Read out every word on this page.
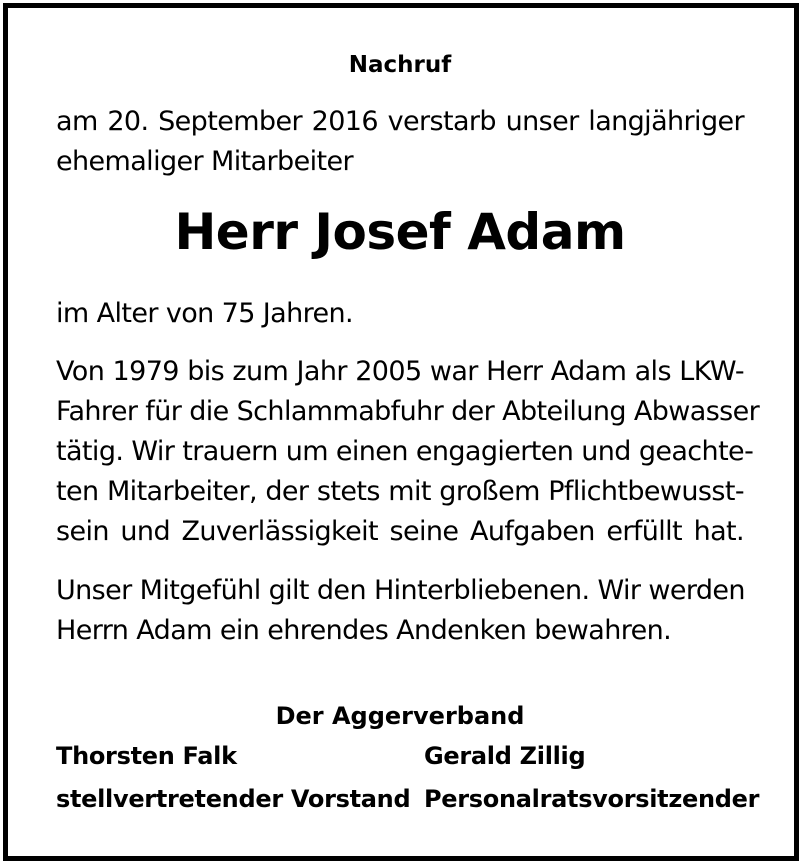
Nachruf

am 20. September 2016 verstarb unser langjähriger

ehemaliger Mitarbeiter

Herr Josef Adam

im Alter von 75 Jahren.

Von 1979 bis zum Jahr 2005 war Herr Adam als LKW-

Fahrer für die Schlammabfuhr der Abteilung Abwasser

tätig. Wir trauern um einen engagierten und geachte-

ten Mitarbeiter, der stets mit großem Pflichtbewusst-

sein und Zuverlässigkeit seine Aufgaben erfüllt hat.

Unser Mitgefühl gilt den Hinterbliebenen. Wir werden

Herrn Adam ein ehrendes Andenken bewahren.

Der Aggerverband

Thorsten Falk

stellvertretender Vorstand

Gerald Zillig

Personalratsvorsitzender
